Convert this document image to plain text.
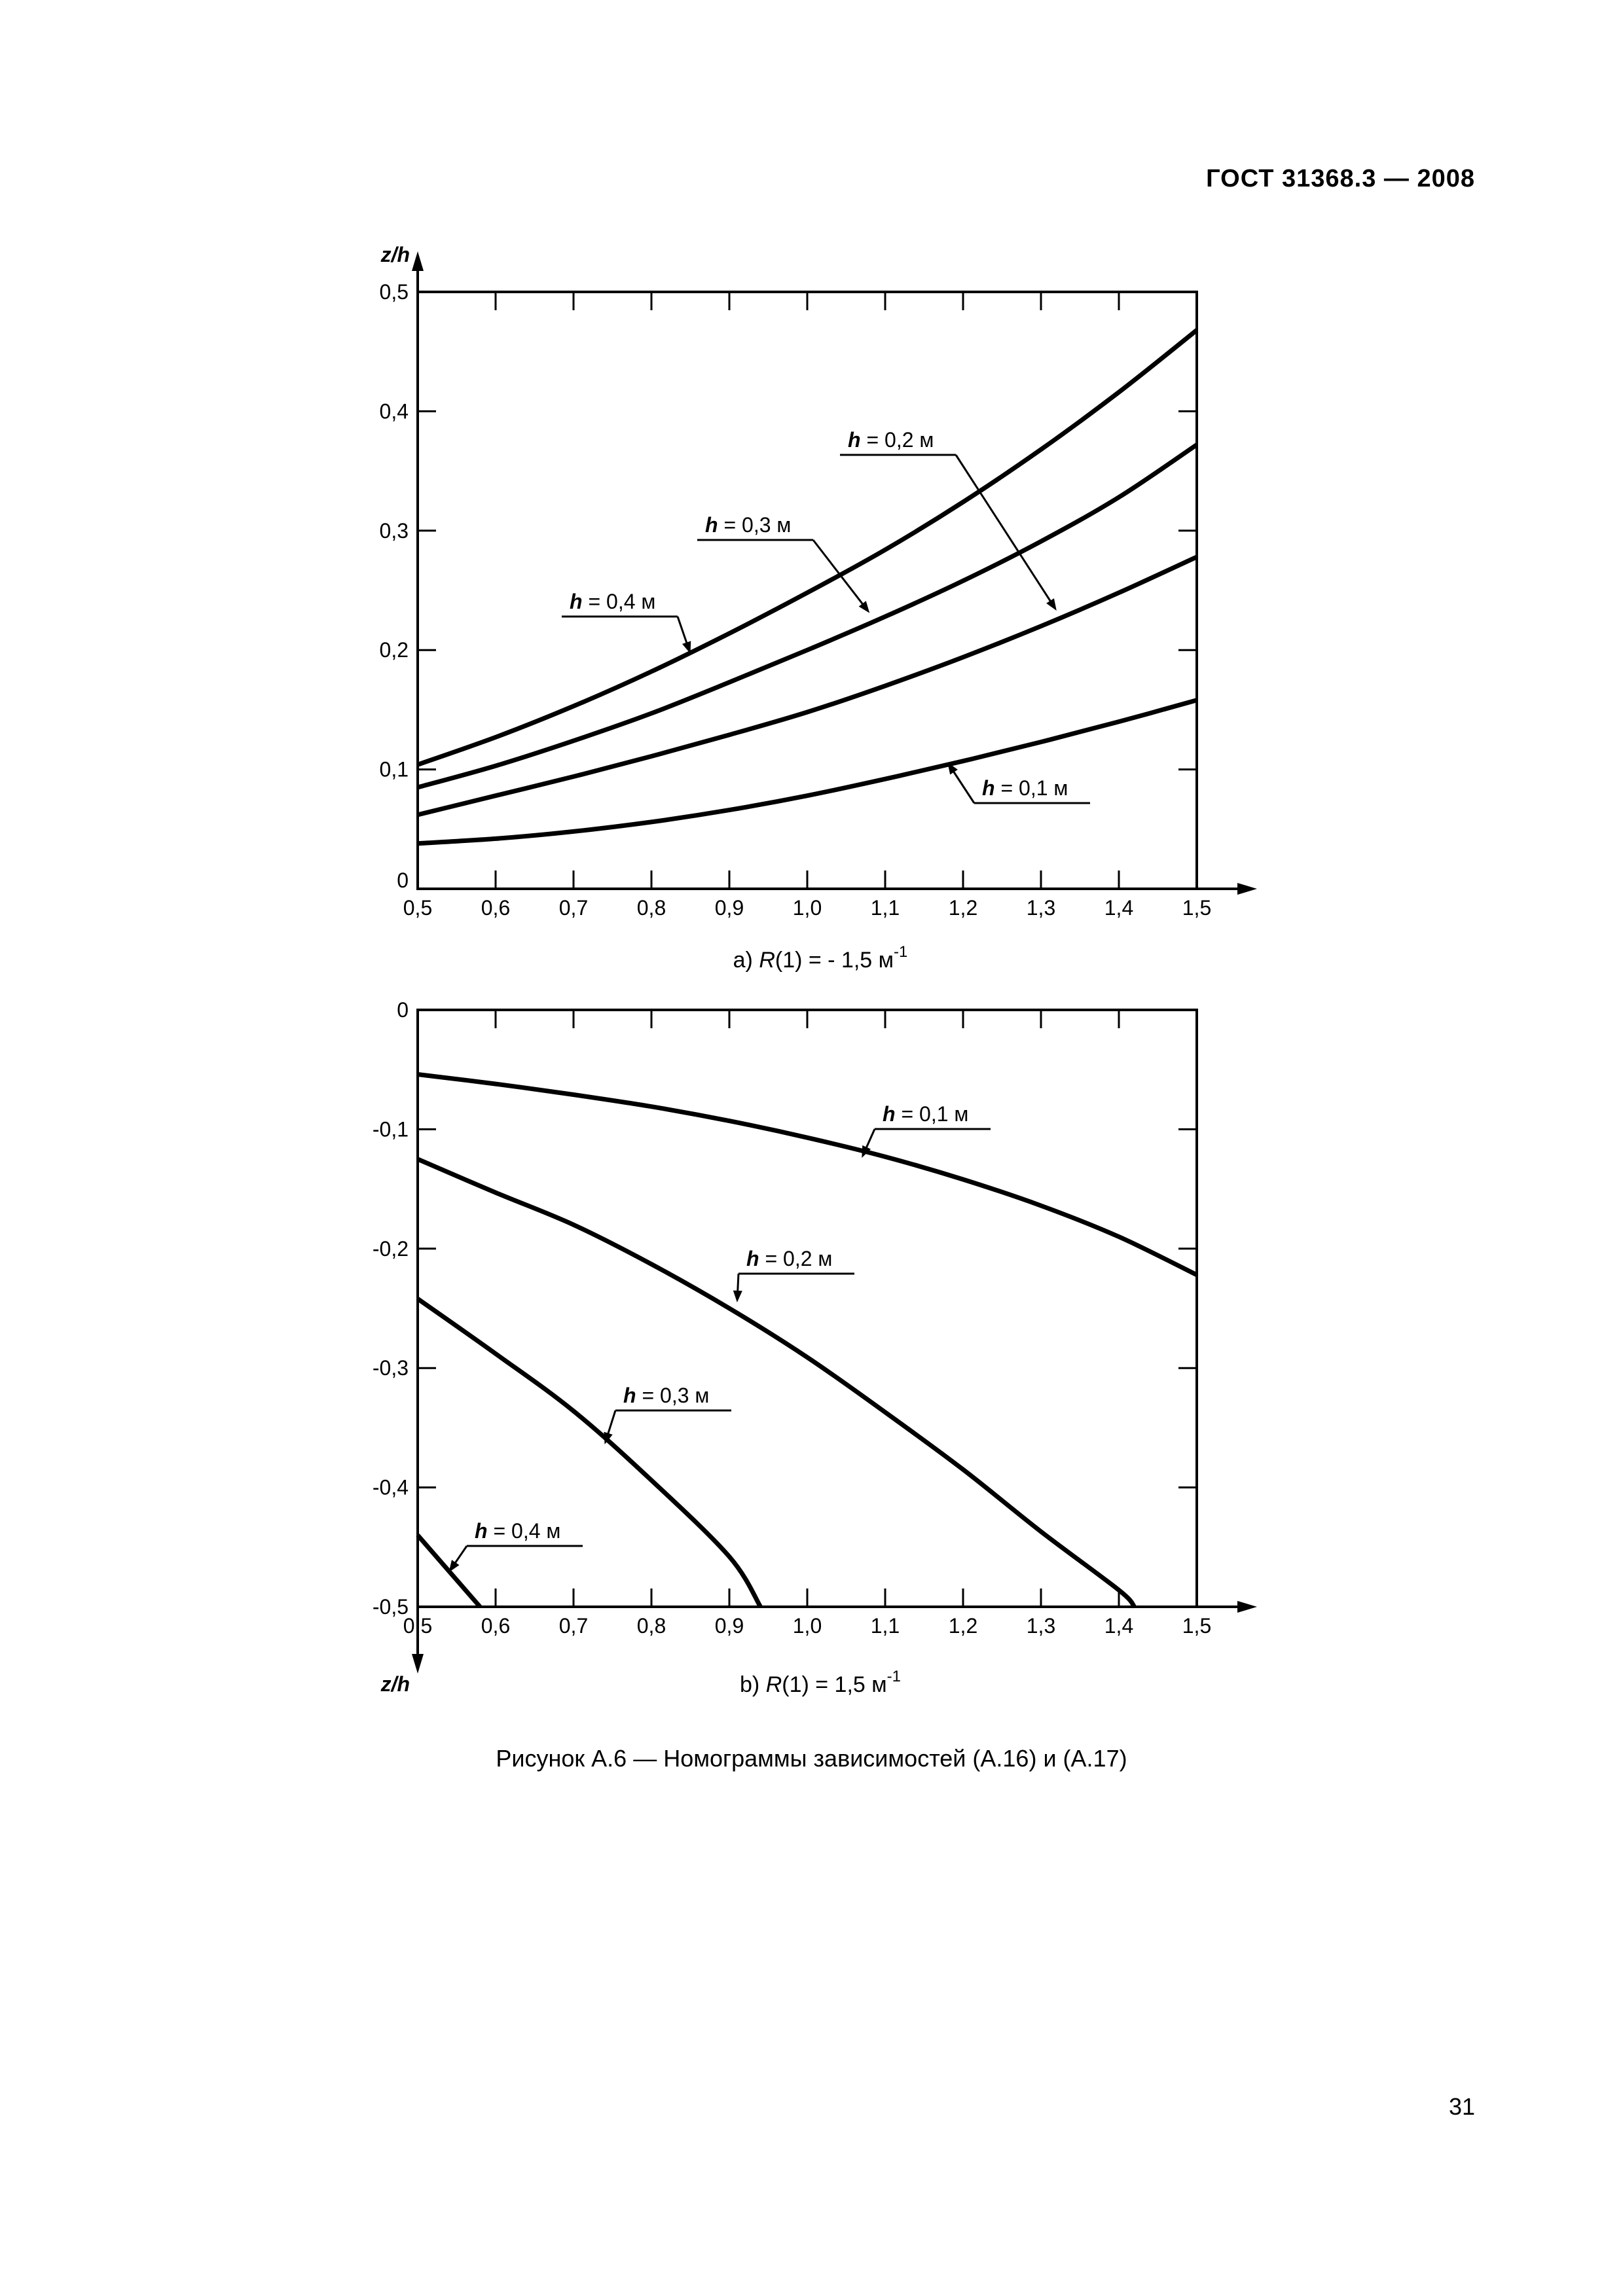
ГОСТ 31368.3 — 2008
z/h
0,5 0,6 0,7 0,8 0,9 1,0 1,1 1,2 1,3 1,4 1,5
0
0,1
0,2
0,3
0,4
0,5
h = 0,1 м
h = 0,2 м
h = 0,3 м
h = 0,4 м
a) R(1) = - 1,5 $м^{-1}$
z/h
0,5 0,6 0,7 0,8 0,9 1,0 1,1 1,2 1,3 1,4 1,5
0
-0,1
-0,2
-0,3
-0,4
-0,5
h = 0,1 м
h = 0,2 м
h = 0,3 м
h = 0,4 м
b) R(1) = 1,5 $м^{-1}$
Рисунок А.6 — Номограммы зависимостей (А.16) и (А.17)
31
